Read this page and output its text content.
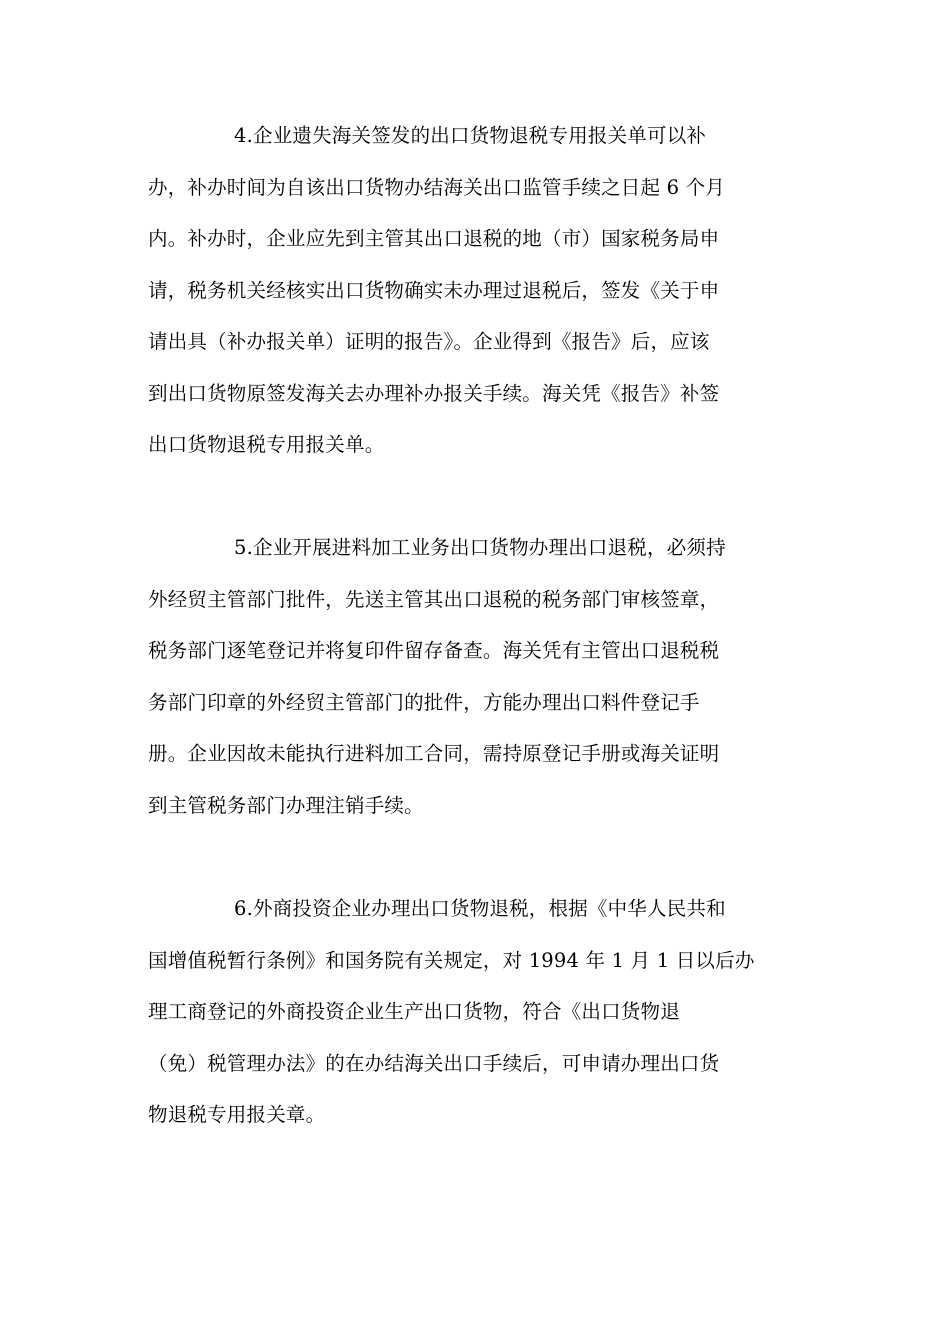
4.企业遗失海关签发的出口货物退税专用报关单可以补
办，补办时间为自该出口货物办结海关出口监管手续之日起 6 个月
内。补办时，企业应先到主管其出口退税的地（市）国家税务局申
请，税务机关经核实出口货物确实未办理过退税后，签发《关于申
请出具（补办报关单）证明的报告》。企业得到《报告》后，应该
到出口货物原签发海关去办理补办报关手续。海关凭《报告》补签
出口货物退税专用报关单。
5.企业开展进料加工业务出口货物办理出口退税，必须持
外经贸主管部门批件，先送主管其出口退税的税务部门审核签章，
税务部门逐笔登记并将复印件留存备查。海关凭有主管出口退税税
务部门印章的外经贸主管部门的批件，方能办理出口料件登记手
册。企业因故未能执行进料加工合同，需持原登记手册或海关证明
到主管税务部门办理注销手续。
6.外商投资企业办理出口货物退税，根据《中华人民共和
国增值税暂行条例》和国务院有关规定，对 1994 年 1 月 1 日以后办
理工商登记的外商投资企业生产出口货物，符合《出口货物退
（免）税管理办法》的在办结海关出口手续后，可申请办理出口货
物退税专用报关章。
